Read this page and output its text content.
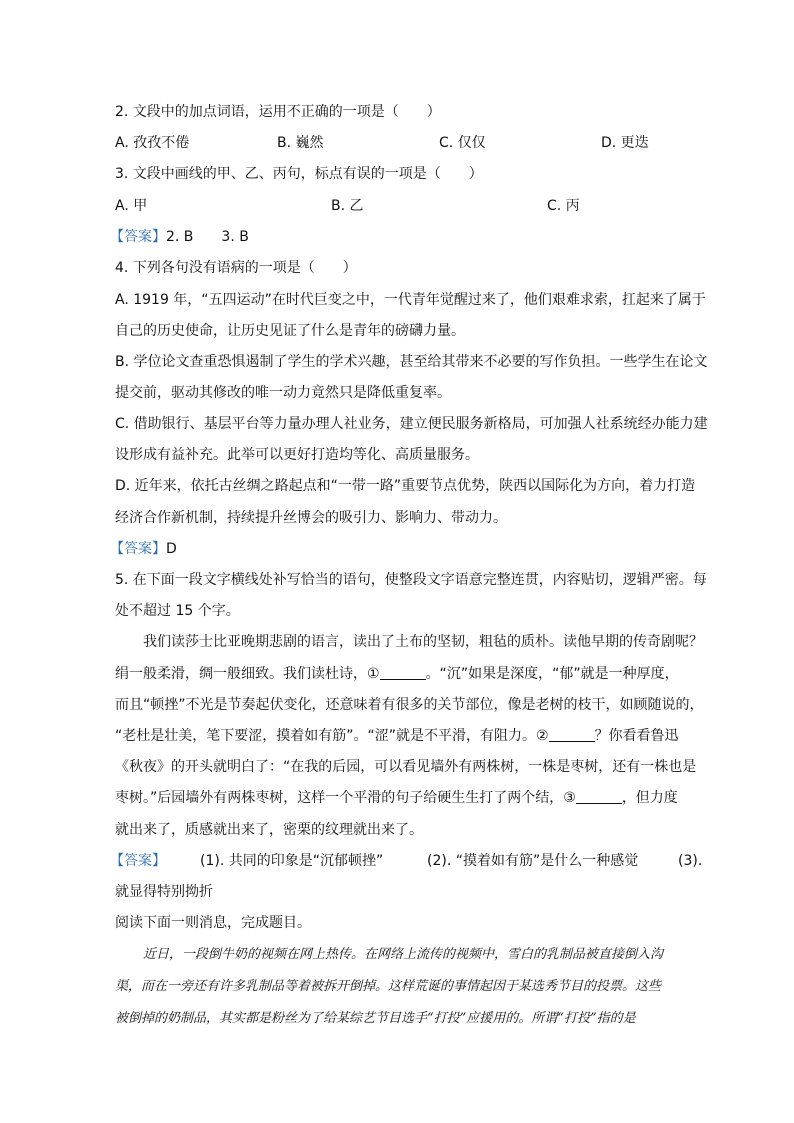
2. 文段中的加点词语，运用不正确的一项是（　　）
A. 孜孜不倦	B. 巍然	C. 仅仅	D. 更迭
3. 文段中画线的甲、乙、丙句，标点有误的一项是（　　）
A. 甲	B. 乙	C. 丙
【答案】2. B　　3. B
4. 下列各句没有语病的一项是（　　）
A. 1919 年，“五四运动”在时代巨变之中，一代青年觉醒过来了，他们艰难求索，扛起来了属于
自己的历史使命，让历史见证了什么是青年的磅礴力量。
B. 学位论文查重恐惧遏制了学生的学术兴趣，甚至给其带来不必要的写作负担。一些学生在论文
提交前，驱动其修改的唯一动力竟然只是降低重复率。
C. 借助银行、基层平台等力量办理人社业务，建立便民服务新格局，可加强人社系统经办能力建
设形成有益补充。此举可以更好打造均等化、高质量服务。
D. 近年来，依托古丝绸之路起点和“一带一路”重要节点优势，陕西以国际化为方向，着力打造
经济合作新机制，持续提升丝博会的吸引力、影响力、带动力。
【答案】D
5. 在下面一段文字横线处补写恰当的语句，使整段文字语意完整连贯，内容贴切，逻辑严密。每
处不超过 15 个字。
我们读莎士比亚晚期悲剧的语言，读出了土布的坚韧，粗毡的质朴。读他早期的传奇剧呢？
绢一般柔滑，绸一般细致。我们读杜诗，①	。“沉”如果是深度，“郁”就是一种厚度，
而且“顿挫”不光是节奏起伏变化，还意味着有很多的关节部位，像是老树的枝干，如顾随说的，
“老杜是壮美，笔下要涩，摸着如有筋”。“涩”就是不平滑，有阻力。②	？你看看鲁迅
《秋夜》的开头就明白了：“在我的后园，可以看见墙外有两株树，一株是枣树，还有一株也是
枣树。”后园墙外有两株枣树，这样一个平滑的句子给硬生生打了两个结，③	，但力度
就出来了，质感就出来了，密栗的纹理就出来了。
【答案】 (1). 共同的印象是“沉郁顿挫”	(2). “摸着如有筋”是什么一种感觉	(3).
就显得特别拗折
阅读下面一则消息，完成题目。
近日，一段倒牛奶的视频在网上热传。在网络上流传的视频中，雪白的乳制品被直接倒入沟
渠，而在一旁还有许多乳制品等着被拆开倒掉。这样荒诞的事情起因于某选秀节目的投票。这些
被倒掉的奶制品，其实都是粉丝为了给某综艺节目选手“打投”应援用的。所谓“打投”指的是
